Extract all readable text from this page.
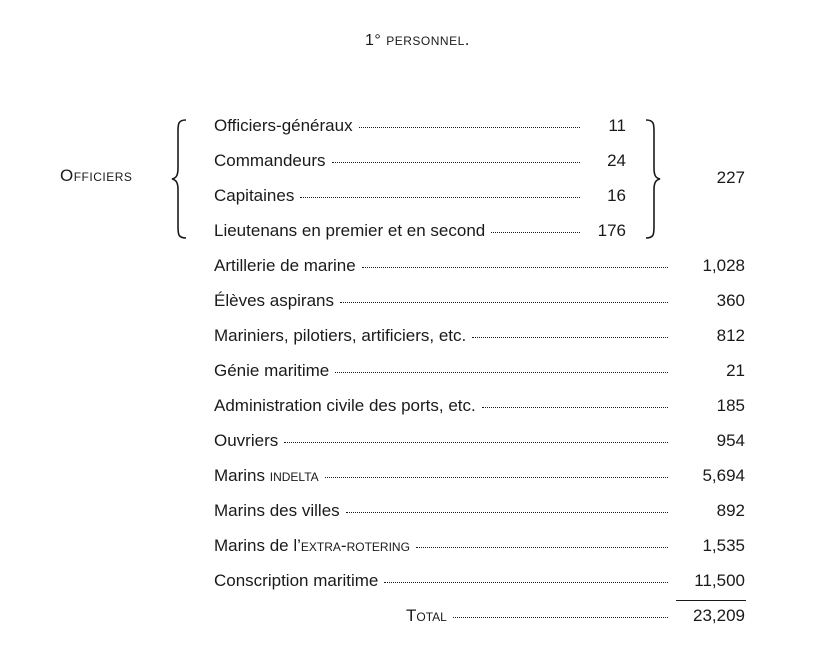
1° personnel.
Officiers
Officiers-généraux	11
Commandeurs	24
Capitaines	16
Lieutenans en premier et en second	176
227
Artillerie de marine	1,028
Élèves aspirans	360
Mariniers, pilotiers, artificiers, etc.	812
Génie maritime	21
Administration civile des ports, etc.	185
Ouvriers	954
Marins indelta	5,694
Marins des villes	892
Marins de l’extra-rotering	1,535
Conscription maritime	11,500
Total	23,209
